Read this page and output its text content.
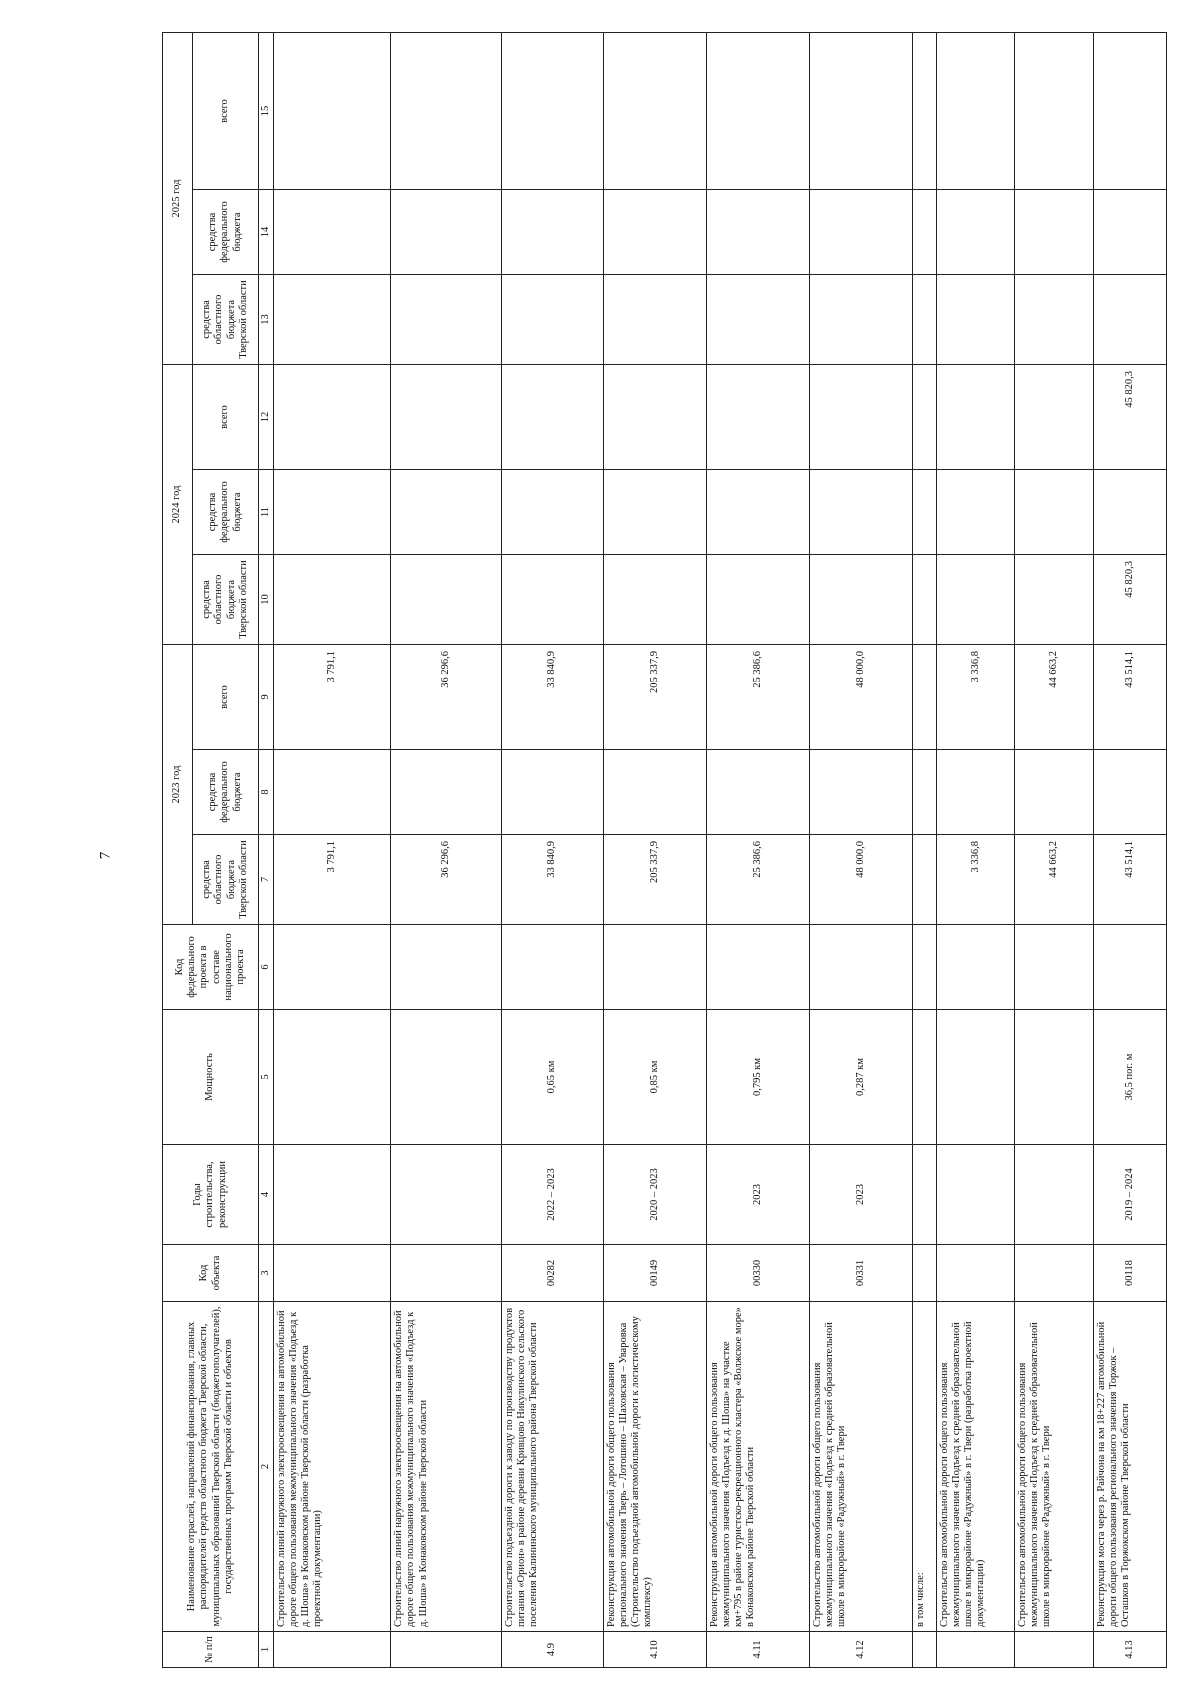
7
№ п/п	Наименование отраслей, направлений финансирования, главных распорядителей средств областного бюджета Тверской области, муниципальных образований Тверской области (бюджетополучателей), государственных программ Тверской области и объектов	Код объекта	Годы строительства, реконструкции	Мощность	Код федерального проекта в составе национального проекта	2023 год			2024 год			2025 год		
						средства областного бюджета Тверской области	средства федерального бюджета	всего	средства областного бюджета Тверской области	средства федерального бюджета	всего	средства областного бюджета Тверской области	средства федерального бюджета	всего
1	2	3	4	5	6	7	8	9	10	11	12	13	14	15
	Строительство линий наружного электроосвещения на автомобильной дороге общего пользования межмуниципального значения «Подъезд к д. Шоша» в Конаковском районе Тверской области (разработка проектной документации)					3 791,1		3 791,1						
	Строительство линий наружного электроосвещения на автомобильной дороге общего пользования межмуниципального значения «Подъезд к д. Шоша» в Конаковском районе Тверской области					36 296,6		36 296,6						
4.9	Строительство подъездной дороги к заводу по производству продуктов питания «Орион» в районе деревни Кривцово Никулинского сельского поселения Калининского муниципального района Тверской области	00282	2022 – 2023	0,65 км		33 840,9		33 840,9						
4.10	Реконструкция автомобильной дороги общего пользования регионального значения Тверь – Лотошино – Шаховская – Уваровка (Строительство подъездной автомобильной дороги к логистическому комплексу)	00149	2020 – 2023	0,85 км		205 337,9		205 337,9						
4.11	Реконструкция автомобильной дороги общего пользования межмуниципального значения «Подъезд к д. Шоша» на участке км+795 в районе туристско-рекреационного кластера «Волжское море» в Конаковском районе Тверской области	00330	2023	0,795 км		25 386,6		25 386,6						
4.12	Строительство автомобильной дороги общего пользования межмуниципального значения «Подъезд к средней образовательной школе в микрорайоне «Радужный» в г. Твери	00331	2023	0,287 км		48 000,0		48 000,0						
	в том числе:													
	Строительство автомобильной дороги общего пользования межмуниципального значения «Подъезд к средней образовательной школе в микрорайоне «Радужный» в г. Твери (разработка проектной документации)					3 336,8		3 336,8						
	Строительство автомобильной дороги общего пользования межмуниципального значения «Подъезд к средней образовательной школе в микрорайоне «Радужный» в г. Твери					44 663,2		44 663,2						
4.13	Реконструкция моста через р. Райчона на км 18+227 автомобильной дороги общего пользования регионального значения Торжок – Осташков в Торжокском районе Тверской области	00118	2019 – 2024	36,5 пог. м		43 514,1		43 514,1	45 820,3		45 820,3			
